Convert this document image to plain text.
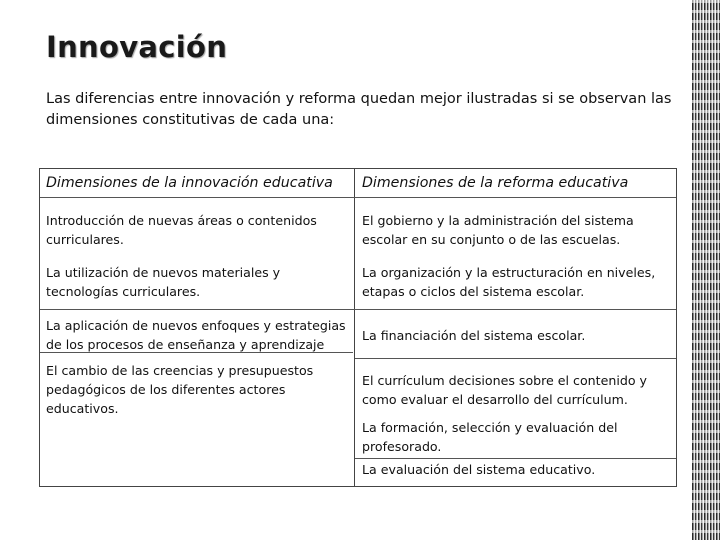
Innovación
Las diferencias entre innovación y reforma quedan mejor ilustradas si se observan las dimensiones constitutivas de cada una:
Dimensiones de la innovación educativa	Dimensiones de la reforma educativa
Introducción de nuevas áreas o contenidos curriculares.
La utilización de nuevos materiales y tecnologías curriculares.
La aplicación de nuevos enfoques y estrategias de los procesos de enseñanza y aprendizaje
El cambio de las creencias y presupuestos pedagógicos de los diferentes actores educativos.
El gobierno y la administración del sistema escolar en su conjunto o de las escuelas.
La organización y la estructuración en niveles, etapas o ciclos del sistema escolar.
La financiación del sistema escolar.
El currículum decisiones sobre el contenido y como evaluar el desarrollo del currículum.
La formación, selección y evaluación del profesorado.
La evaluación del sistema educativo.
